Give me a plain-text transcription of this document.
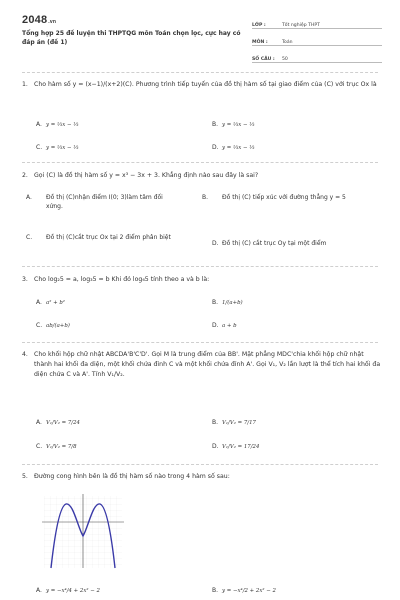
2048.vn
Tổng hợp 25 đề luyện thi THPTQG môn Toán chọn lọc, cực hay có đáp án (đề 1)
LỚP :	Tốt nghiệp THPT
MÔN :	Toán
SỐ CÂU :	50
1. Cho hàm số y = (x−1)/(x+2)(C). Phương trình tiếp tuyến của đồ thị hàm số tại giao điểm của (C) với trục Ox là
A. y = ⅓x − ⅓	B. y = ⅓x − ⅓
C. y = ⅓x − ⅓	D. y = ⅓x − ⅓
2. Gọi (C) là đồ thị hàm số y = x³ − 3x + 3. Khẳng định nào sau đây là sai?
A. Đồ thị (C)nhận điểm I(0; 3)làm tâm đối xứng.
B. Đồ thị (C) tiếp xúc với đường thẳng y = 5
C. Đồ thị (C)cắt trục Ox tại 2 điểm phân biệt
D. Đồ thị (C) cắt trục Oy tại một điểm
3. Cho log₂5 = a, log₃5 = b Khi đó log₆5 tính theo a và b là:
A. a² + b²	B. 1/(a+b)
C. ab/(a+b)	D. a + b
4. Cho khối hộp chữ nhật ABCDA'B'C'D'. Gọi M là trung điểm của BB'. Mặt phẳng MDC'chia khối hộp chữ nhật thành hai khối đa diện, một khối chứa đỉnh C và một khối chứa đỉnh A'. Gọi V₁, V₂ lần lượt là thể tích hai khối đa diện chứa C và A'. Tính V₁/V₂.
A. V₁/V₂ = 7/24	B. V₁/V₂ = 7/17
C. V₁/V₂ = 7/8	D. V₁/V₂ = 17/24
5. Đường cong hình bên là đồ thị hàm số nào trong 4 hàm số sau:
A. y = −x⁴/4 + 2x² − 2	B. y = −x⁴/2 + 2x² − 2
